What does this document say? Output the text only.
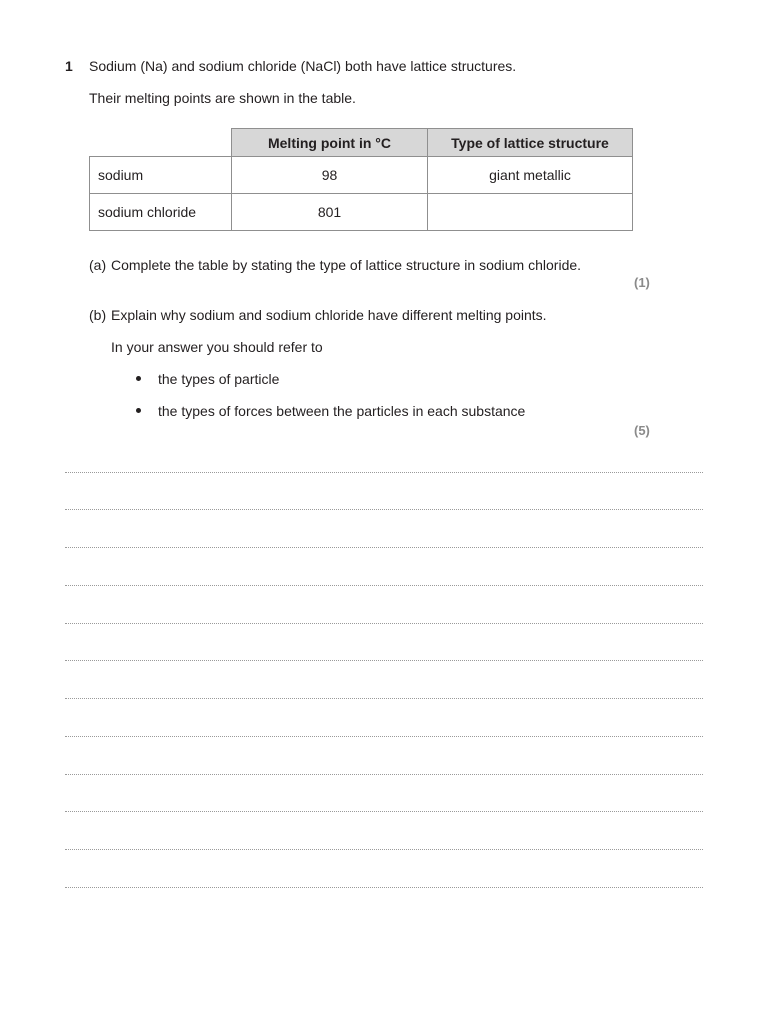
1 Sodium (Na) and sodium chloride (NaCl) both have lattice structures.
Their melting points are shown in the table.
	Melting point in °C	Type of lattice structure
sodium	98	giant metallic
sodium chloride	801	
(a) Complete the table by stating the type of lattice structure in sodium chloride.
(1)
(b) Explain why sodium and sodium chloride have different melting points.
In your answer you should refer to
the types of particle
the types of forces between the particles in each substance
(5)
